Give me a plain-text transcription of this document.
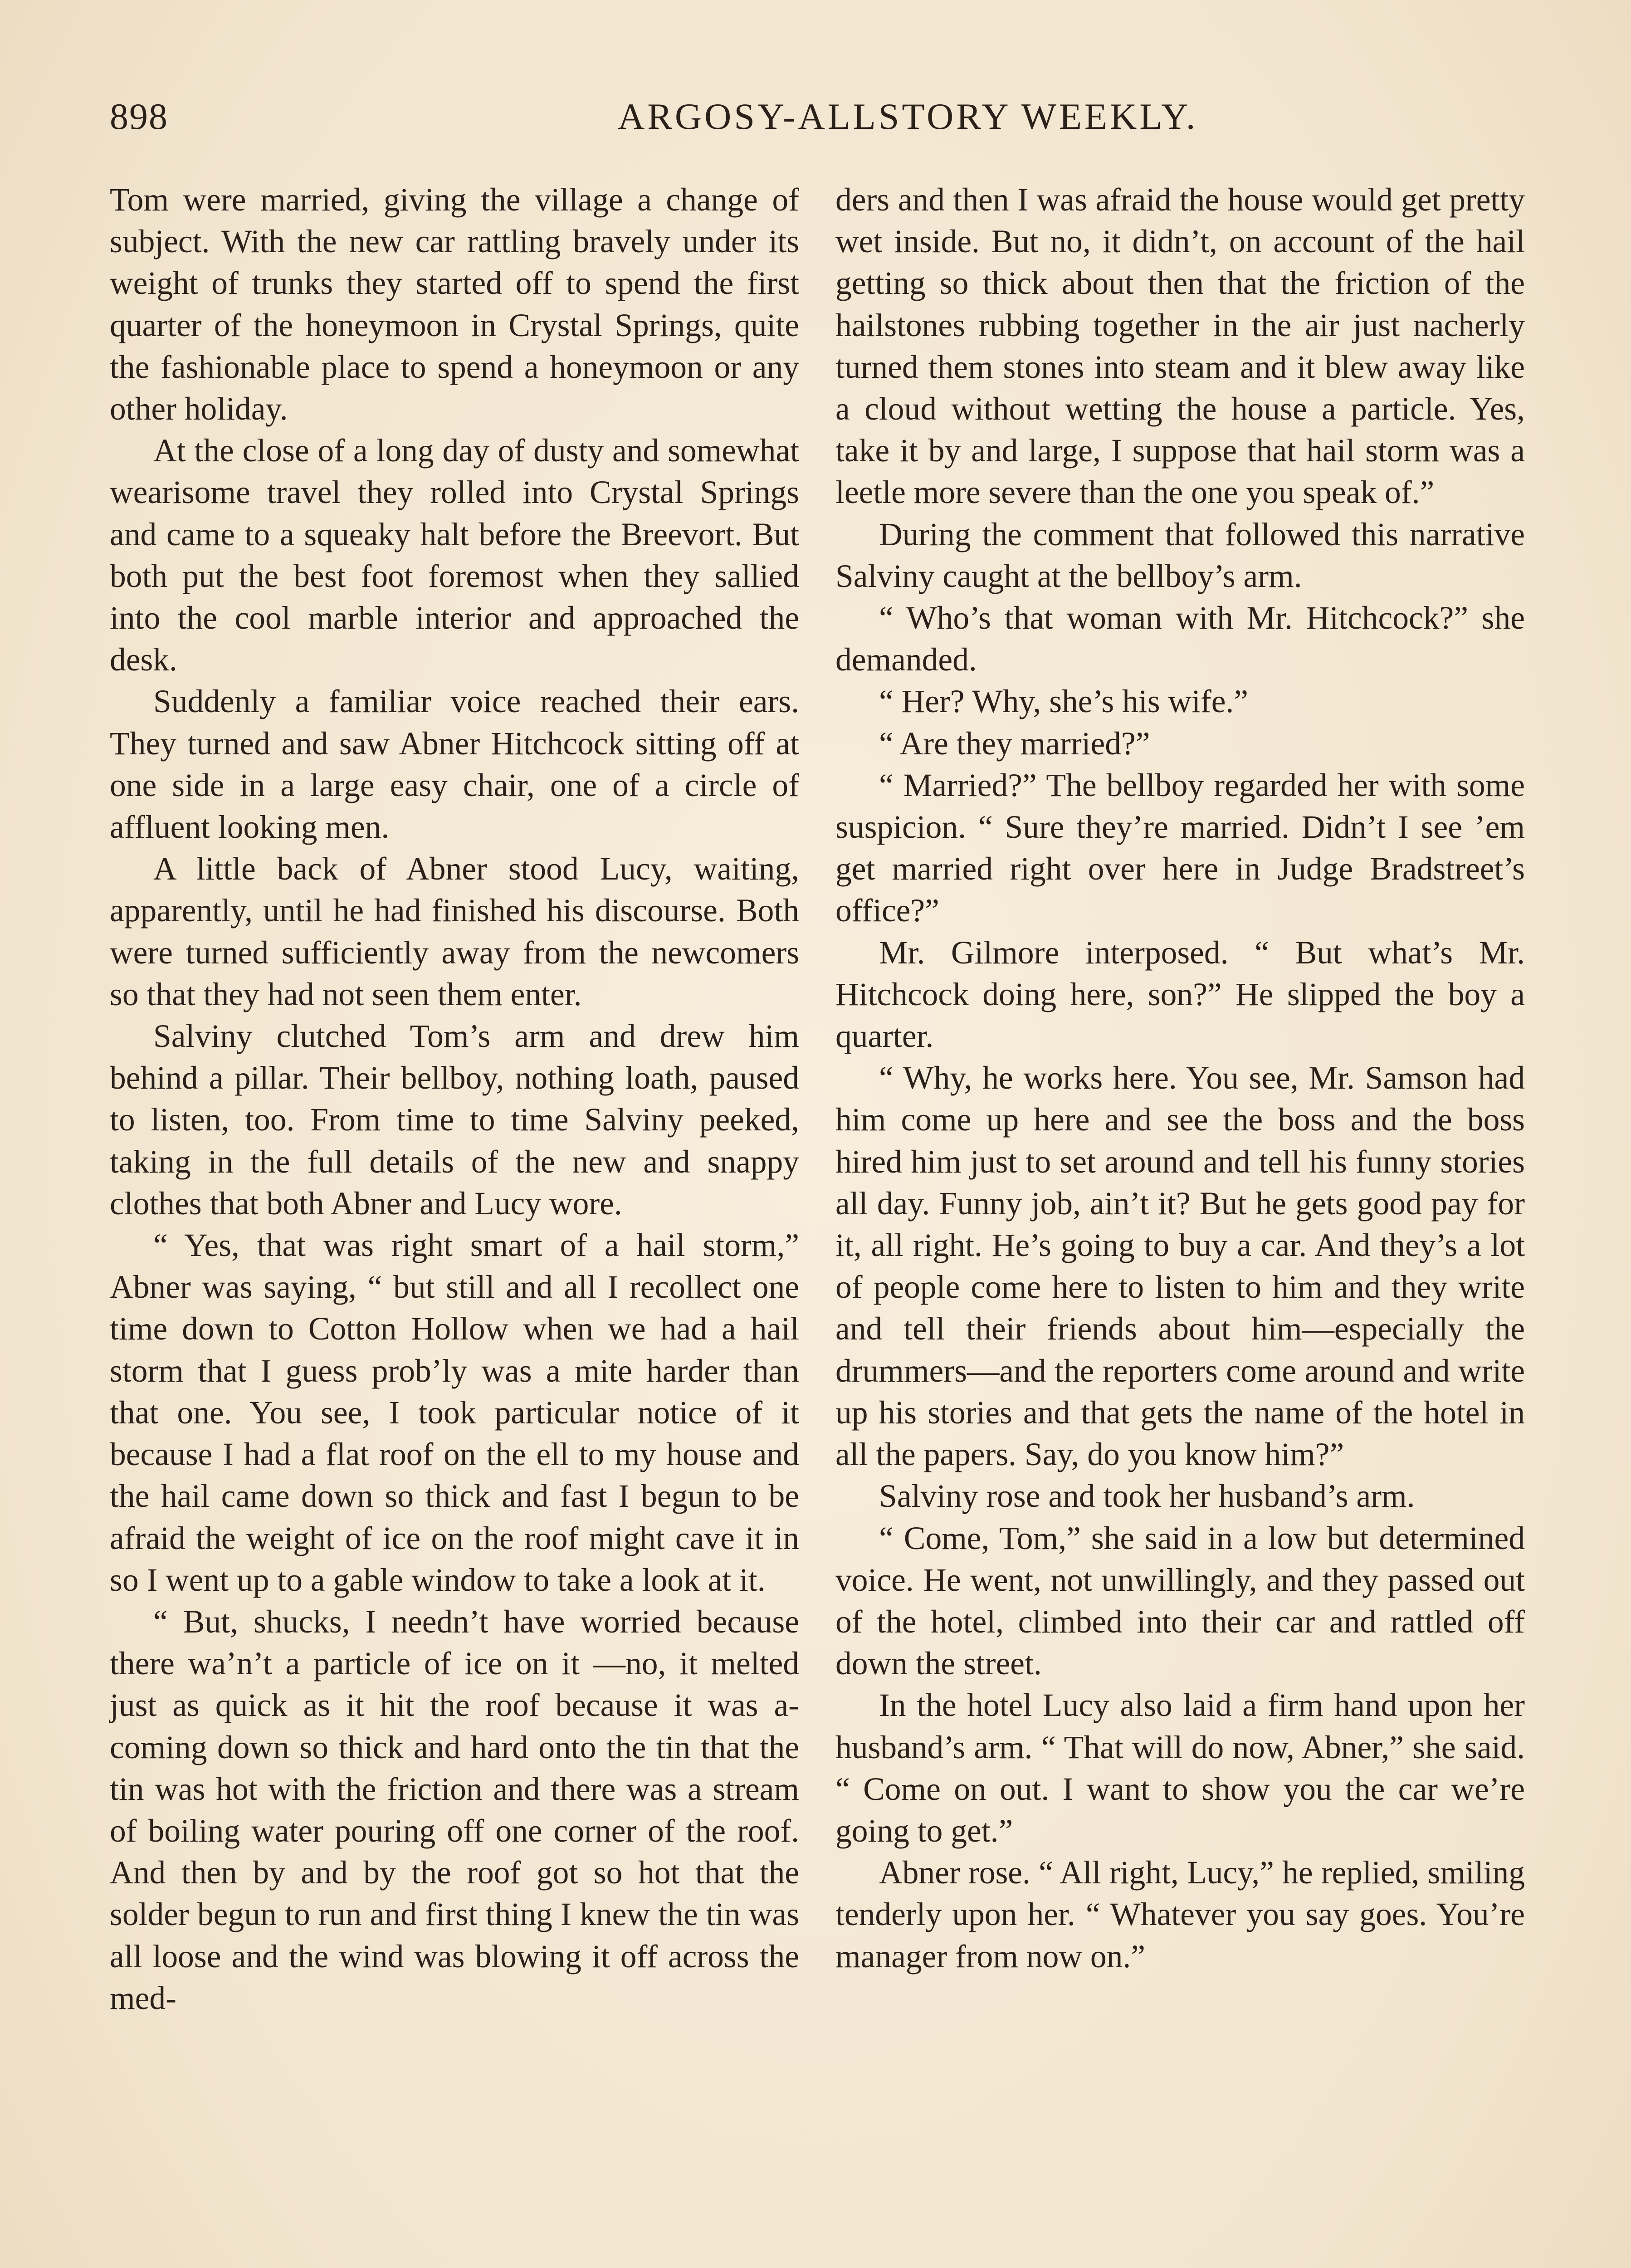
898	ARGOSY-ALLSTORY WEEKLY.

Tom were married, giving the village a change of subject. With the new car rattling bravely under its weight of trunks they started off to spend the first quarter of the honeymoon in Crystal Springs, quite the fashionable place to spend a honeymoon or any other holiday.

At the close of a long day of dusty and somewhat wearisome travel they rolled into Crystal Springs and came to a squeaky halt before the Breevort. But both put the best foot foremost when they sallied into the cool marble interior and approached the desk.

Suddenly a familiar voice reached their ears. They turned and saw Abner Hitchcock sitting off at one side in a large easy chair, one of a circle of affluent looking men.

A little back of Abner stood Lucy, waiting, apparently, until he had finished his discourse. Both were turned sufficiently away from the newcomers so that they had not seen them enter.

Salviny clutched Tom’s arm and drew him behind a pillar. Their bellboy, nothing loath, paused to listen, too. From time to time Salviny peeked, taking in the full details of the new and snappy clothes that both Abner and Lucy wore.

“ Yes, that was right smart of a hail storm,” Abner was saying, “ but still and all I recollect one time down to Cotton Hollow when we had a hail storm that I guess prob’ly was a mite harder than that one. You see, I took particular notice of it because I had a flat roof on the ell to my house and the hail came down so thick and fast I begun to be afraid the weight of ice on the roof might cave it in so I went up to a gable window to take a look at it.

“ But, shucks, I needn’t have worried because there wa’n’t a particle of ice on it —no, it melted just as quick as it hit the roof because it was a-coming down so thick and hard onto the tin that the tin was hot with the friction and there was a stream of boiling water pouring off one corner of the roof. And then by and by the roof got so hot that the solder begun to run and first thing I knew the tin was all loose and the wind was blowing it off across the med-

ders and then I was afraid the house would get pretty wet inside. But no, it didn’t, on account of the hail getting so thick about then that the friction of the hailstones rubbing together in the air just nacherly turned them stones into steam and it blew away like a cloud without wetting the house a particle. Yes, take it by and large, I suppose that hail storm was a leetle more severe than the one you speak of.”

During the comment that followed this narrative Salviny caught at the bellboy’s arm.

“ Who’s that woman with Mr. Hitchcock?” she demanded.

“ Her? Why, she’s his wife.”

“ Are they married?”

“ Married?” The bellboy regarded her with some suspicion. “ Sure they’re married. Didn’t I see ’em get married right over here in Judge Bradstreet’s office?”

Mr. Gilmore interposed. “ But what’s Mr. Hitchcock doing here, son?” He slipped the boy a quarter.

“ Why, he works here. You see, Mr. Samson had him come up here and see the boss and the boss hired him just to set around and tell his funny stories all day. Funny job, ain’t it? But he gets good pay for it, all right. He’s going to buy a car. And they’s a lot of people come here to listen to him and they write and tell their friends about him—especially the drummers—and the reporters come around and write up his stories and that gets the name of the hotel in all the papers. Say, do you know him?”

Salviny rose and took her husband’s arm.

“ Come, Tom,” she said in a low but determined voice. He went, not unwillingly, and they passed out of the hotel, climbed into their car and rattled off down the street.

In the hotel Lucy also laid a firm hand upon her husband’s arm. “ That will do now, Abner,” she said. “ Come on out. I want to show you the car we’re going to get.”

Abner rose. “ All right, Lucy,” he replied, smiling tenderly upon her. “ Whatever you say goes. You’re manager from now on.”
